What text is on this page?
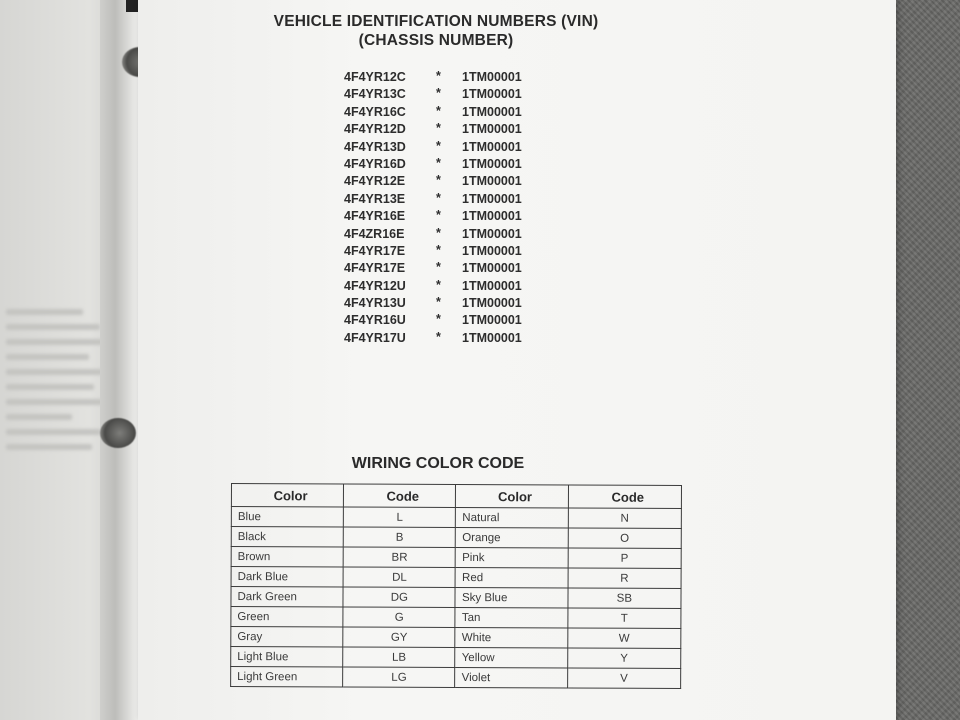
VEHICLE IDENTIFICATION NUMBERS (VIN)
(CHASSIS NUMBER)
4F4YR12C	* 1TM00001
4F4YR13C	* 1TM00001
4F4YR16C	* 1TM00001
4F4YR12D	* 1TM00001
4F4YR13D	* 1TM00001
4F4YR16D	* 1TM00001
4F4YR12E	* 1TM00001
4F4YR13E	* 1TM00001
4F4YR16E	* 1TM00001
4F4ZR16E	* 1TM00001
4F4YR17E	* 1TM00001
4F4YR17E	* 1TM00001
4F4YR12U	* 1TM00001
4F4YR13U	* 1TM00001
4F4YR16U	* 1TM00001
4F4YR17U	* 1TM00001
WIRING COLOR CODE
Color	Code	Color	Code
Blue	L	Natural	N
Black	B	Orange	O
Brown	BR	Pink	P
Dark Blue	DL	Red	R
Dark Green	DG	Sky Blue	SB
Green	G	Tan	T
Gray	GY	White	W
Light Blue	LB	Yellow	Y
Light Green	LG	Violet	V
